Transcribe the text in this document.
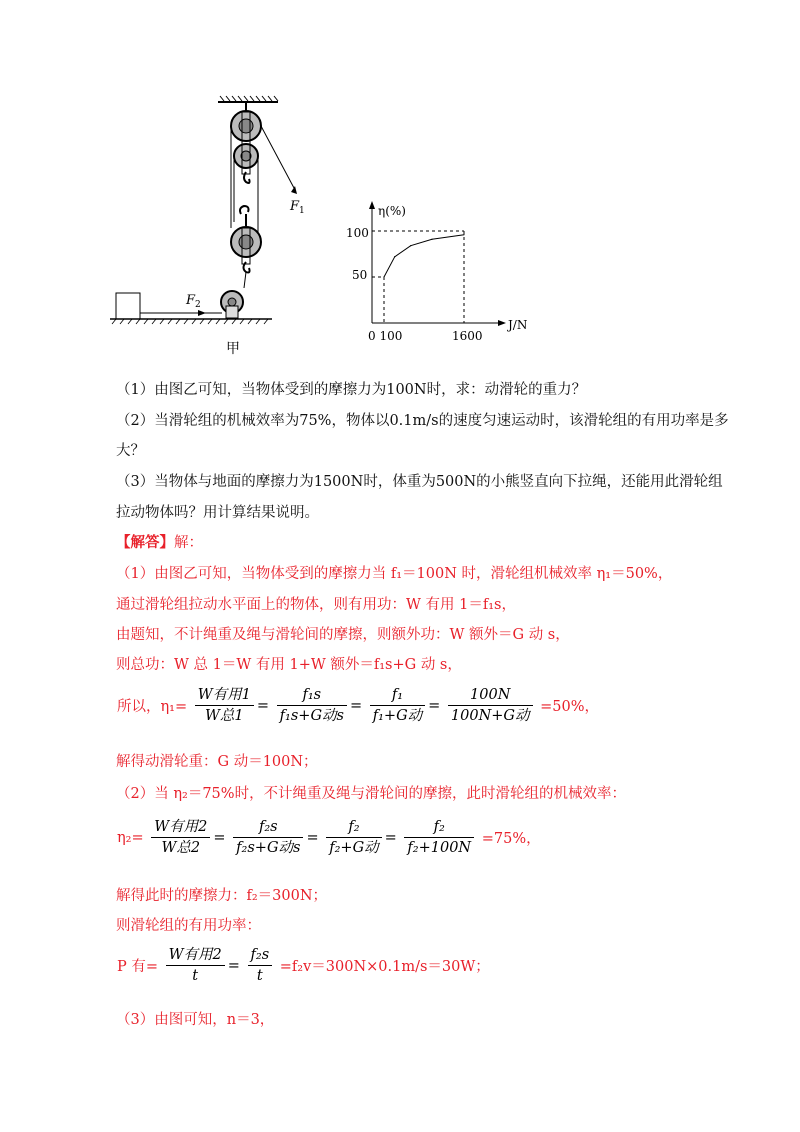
F 1
F 2
甲
η(%)
J/N
100
50
0 100	1600
（1）由图乙可知，当物体受到的摩擦力为100N时，求：动滑轮的重力？
（2）当滑轮组的机械效率为75%，物体以0.1m/s的速度匀速运动时，该滑轮组的有用功率是多
大？
（3）当物体与地面的摩擦力为1500N时，体重为500N的小熊竖直向下拉绳，还能用此滑轮组
拉动物体吗？用计算结果说明。
【解答】解：
（1）由图乙可知，当物体受到的摩擦力当 f₁＝100N 时，滑轮组机械效率 η₁＝50%，
通过滑轮组拉动水平面上的物体，则有用功：W 有用 1＝f₁s，
由题知，不计绳重及绳与滑轮间的摩擦，则额外功：W 额外＝G 动 s，
则总功：W 总 1＝W 有用 1+W 额外＝f₁s+G 动 s，
所以，$\eta_1= \frac{\text{W有用1}}{\text{W总1}} = \frac{\text{f₁s}}{\text{f₁s+G动s}} = \frac{\text{f₁}}{\text{f₁+G动}} = \frac{100N}{\text{100N+G动}} =50\%$，
解得动滑轮重：G 动＝100N；
（2）当 η₂＝75%时，不计绳重及绳与滑轮间的摩擦，此时滑轮组的机械效率：
$\eta_2= \frac{\text{W有用2}}{\text{W总2}} = \frac{\text{f₂s}}{\text{f₂s+G动s}} = \frac{\text{f₂}}{\text{f₂+G动}} = \frac{\text{f₂}}{\text{f₂+100N}} =75\%$，
解得此时的摩擦力：f₂＝300N；
则滑轮组的有用功率：
P 有= $\frac{\text{W有用2}}{t} = \frac{\text{f₂s}}{t} =f_2v=300N\times 0.1m/s=30W$；
（3）由图可知，n＝3，
